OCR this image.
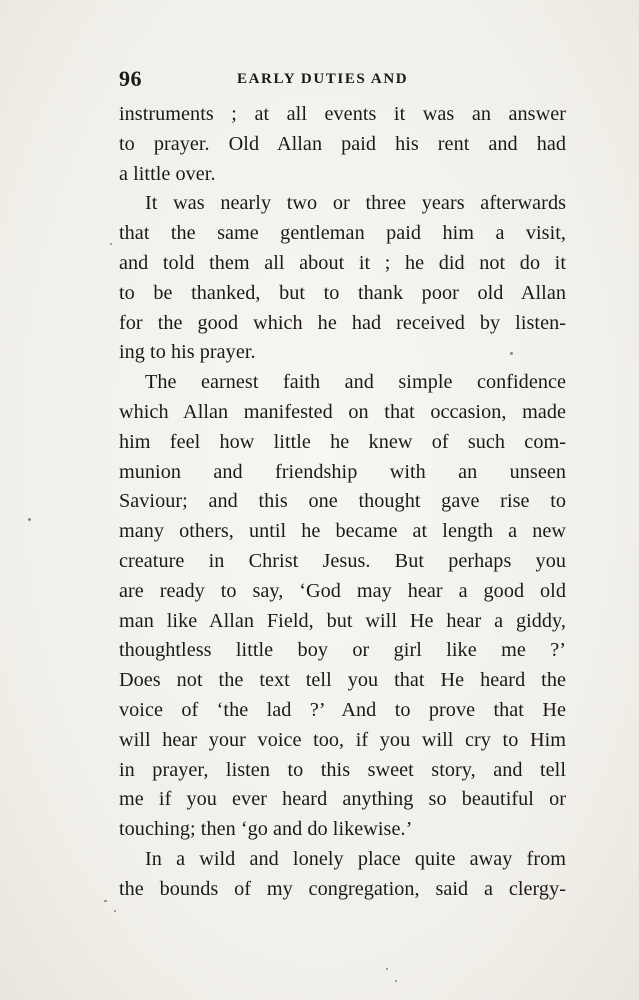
96	EARLY DUTIES AND
instruments ; at all events it was an answer
to prayer. Old Allan paid his rent and had
a little over.
It was nearly two or three years afterwards
that the same gentleman paid him a visit,
and told them all about it ; he did not do it
to be thanked, but to thank poor old Allan
for the good which he had received by listen-
ing to his prayer.
The earnest faith and simple confidence
which Allan manifested on that occasion, made
him feel how little he knew of such com-
munion and friendship with an unseen
Saviour; and this one thought gave rise to
many others, until he became at length a new
creature in Christ Jesus. But perhaps you
are ready to say, ‘God may hear a good old
man like Allan Field, but will He hear a giddy,
thoughtless little boy or girl like me ?’
Does not the text tell you that He heard the
voice of ‘the lad ?’ And to prove that He
will hear your voice too, if you will cry to Him
in prayer, listen to this sweet story, and tell
me if you ever heard anything so beautiful or
touching; then ‘go and do likewise.’
In a wild and lonely place quite away from
the bounds of my congregation, said a clergy-
